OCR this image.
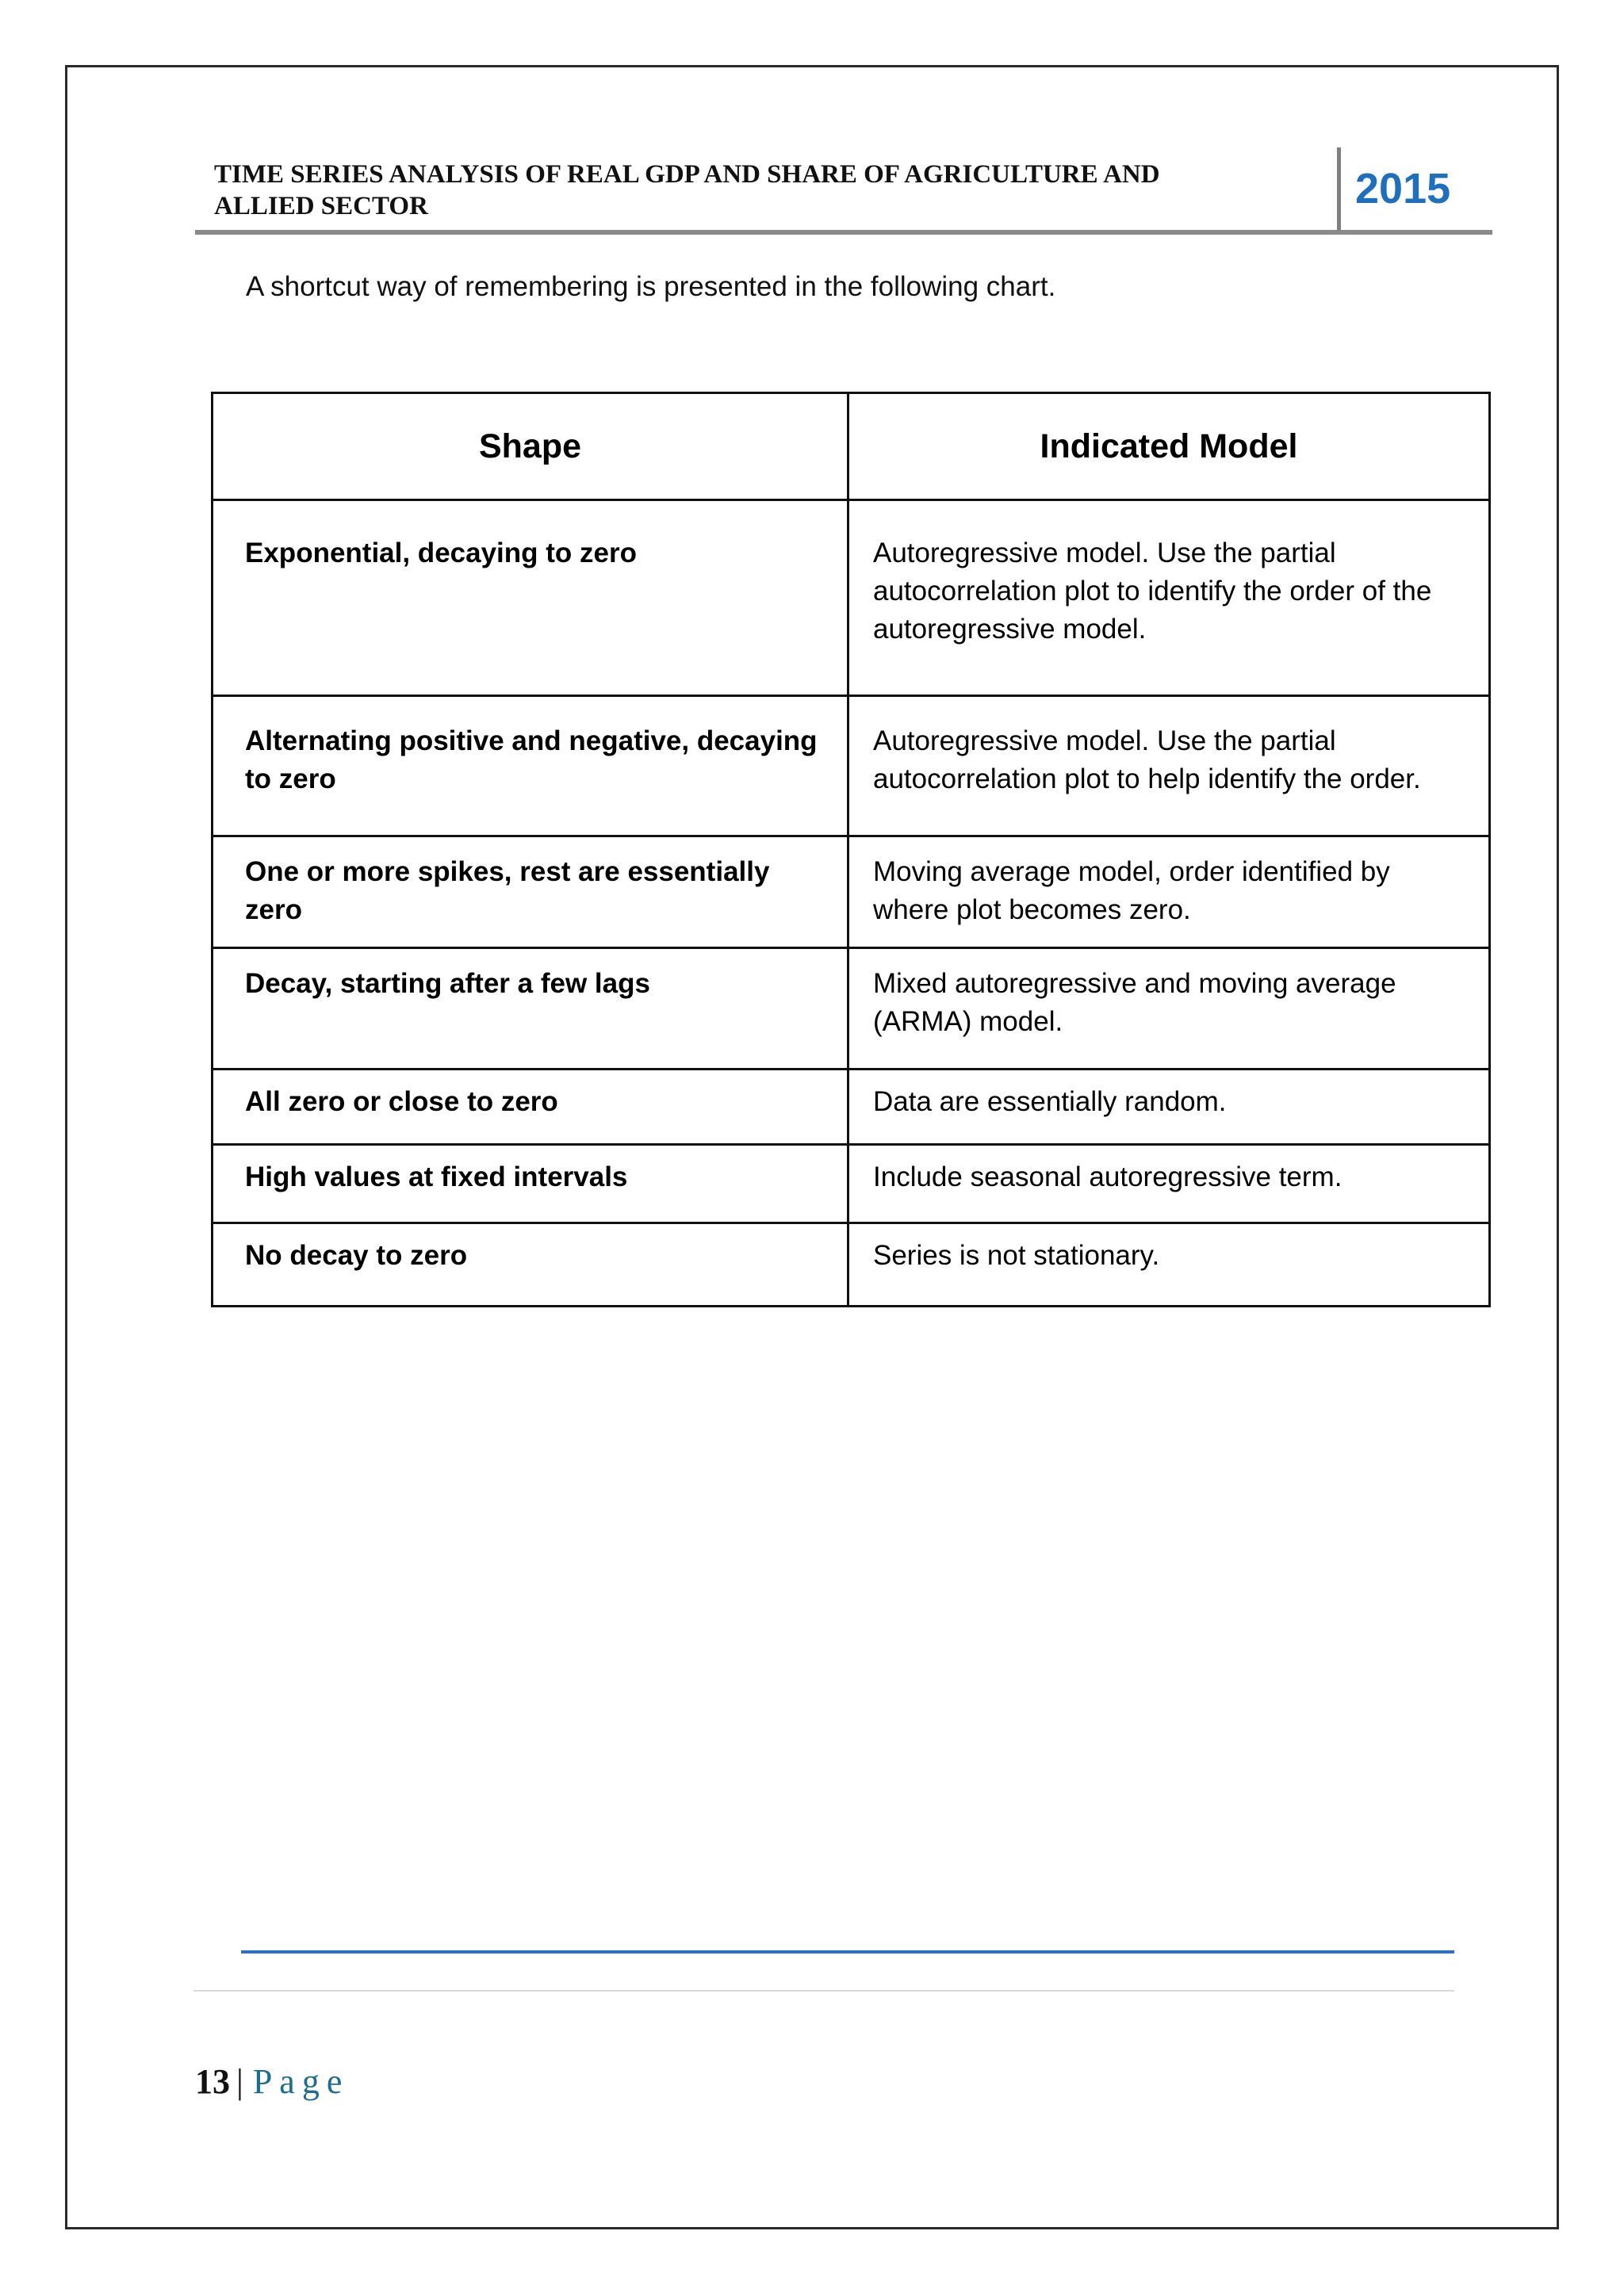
TIME SERIES ANALYSIS OF REAL GDP AND SHARE OF AGRICULTURE AND
ALLIED SECTOR	2015
A shortcut way of remembering is presented in the following chart.
Shape	Indicated Model
Exponential, decaying to zero	Autoregressive model. Use the partial autocorrelation plot to identify the order of the autoregressive model.
Alternating positive and negative, decaying to zero	Autoregressive model. Use the partial autocorrelation plot to help identify the order.
One or more spikes, rest are essentially zero	Moving average model, order identified by where plot becomes zero.
Decay, starting after a few lags	Mixed autoregressive and moving average (ARMA) model.
All zero or close to zero	Data are essentially random.
High values at fixed intervals	Include seasonal autoregressive term.
No decay to zero	Series is not stationary.
13 | Page
